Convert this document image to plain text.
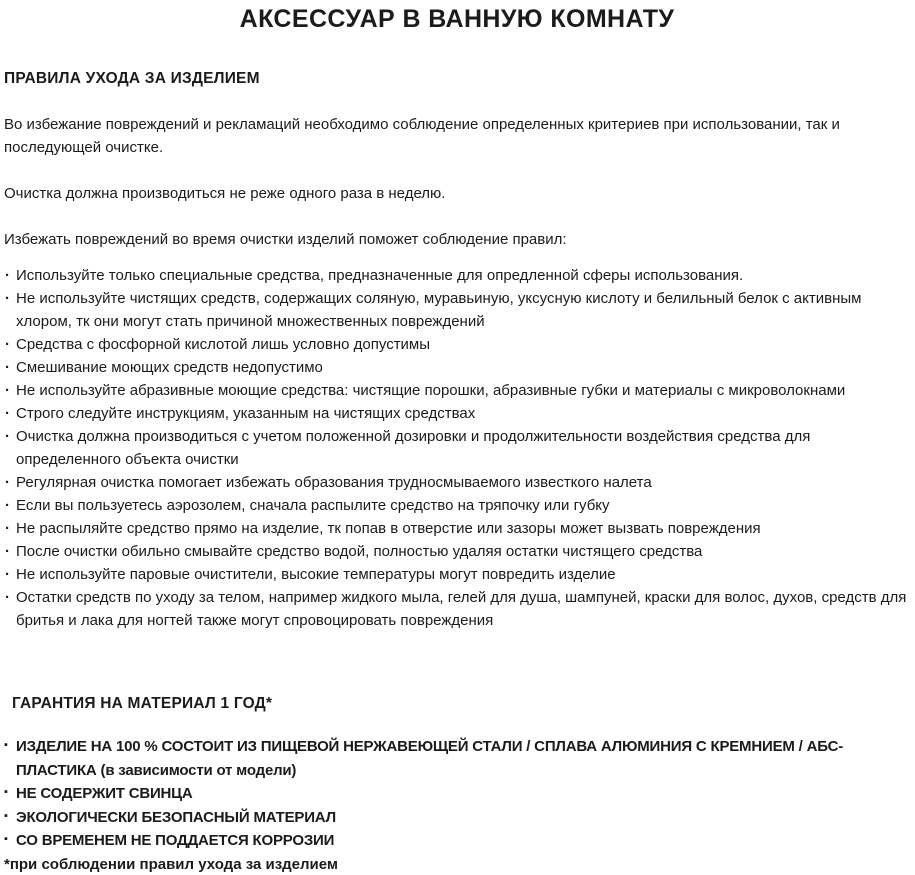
АКСЕССУАР В ВАННУЮ КОМНАТУ
ПРАВИЛА УХОДА ЗА ИЗДЕЛИЕМ

Во избежание повреждений и рекламаций необходимо соблюдение определенных критериев при использовании, так и последующей очистке.

Очистка должна производиться не реже одного раза в неделю.

Избежать повреждений во время очистки изделий поможет соблюдение правил:

· Используйте только специальные средства, предназначенные для опредленной сферы использования.
· Не используйте чистящих средств, содержащих соляную, муравьиную, уксусную кислоту и белильный белок с активным хлором, тк они могут стать причиной множественных повреждений
· Средства с фосфорной кислотой лишь условно допустимы
· Смешивание моющих средств недопустимо
· Не используйте абразивные моющие средства: чистящие порошки, абразивные губки и материалы с микроволокнами
· Строго следуйте инструкциям, указанным на чистящих средствах
· Очистка должна производиться с учетом положенной дозировки и продолжительности воздействия средства для определенного объекта очистки
· Регулярная очистка помогает избежать образования трудносмываемого известкого налета
· Если вы пользуетесь аэрозолем, сначала распылите средство на тряпочку или губку
· Не распыляйте средство прямо на изделие, тк попав в отверстие или зазоры может вызвать повреждения
· После очистки обильно смывайте средство водой, полностью удаляя остатки чистящего средства
· Не используйте паровые очистители, высокие температуры могут повредить изделие
· Остатки средств по уходу за телом, например жидкого мыла, гелей для душа, шампуней, краски для волос, духов, средств для бритья и лака для ногтей также могут спровоцировать повреждения
ГАРАНТИЯ НА МАТЕРИАЛ 1 ГОД*
▪ ИЗДЕЛИЕ НА 100 % СОСТОИТ ИЗ ПИЩЕВОЙ НЕРЖАВЕЮЩЕЙ СТАЛИ / СПЛАВА АЛЮМИНИЯ С КРЕМНИЕМ / АБС-ПЛАСТИКА (в зависимости от модели)
▪ НЕ СОДЕРЖИТ СВИНЦА
▪ ЭКОЛОГИЧЕСКИ БЕЗОПАСНЫЙ МАТЕРИАЛ
▪ СО ВРЕМЕНЕМ НЕ ПОДДАЕТСЯ КОРРОЗИИ

*при соблюдении правил ухода за изделием
